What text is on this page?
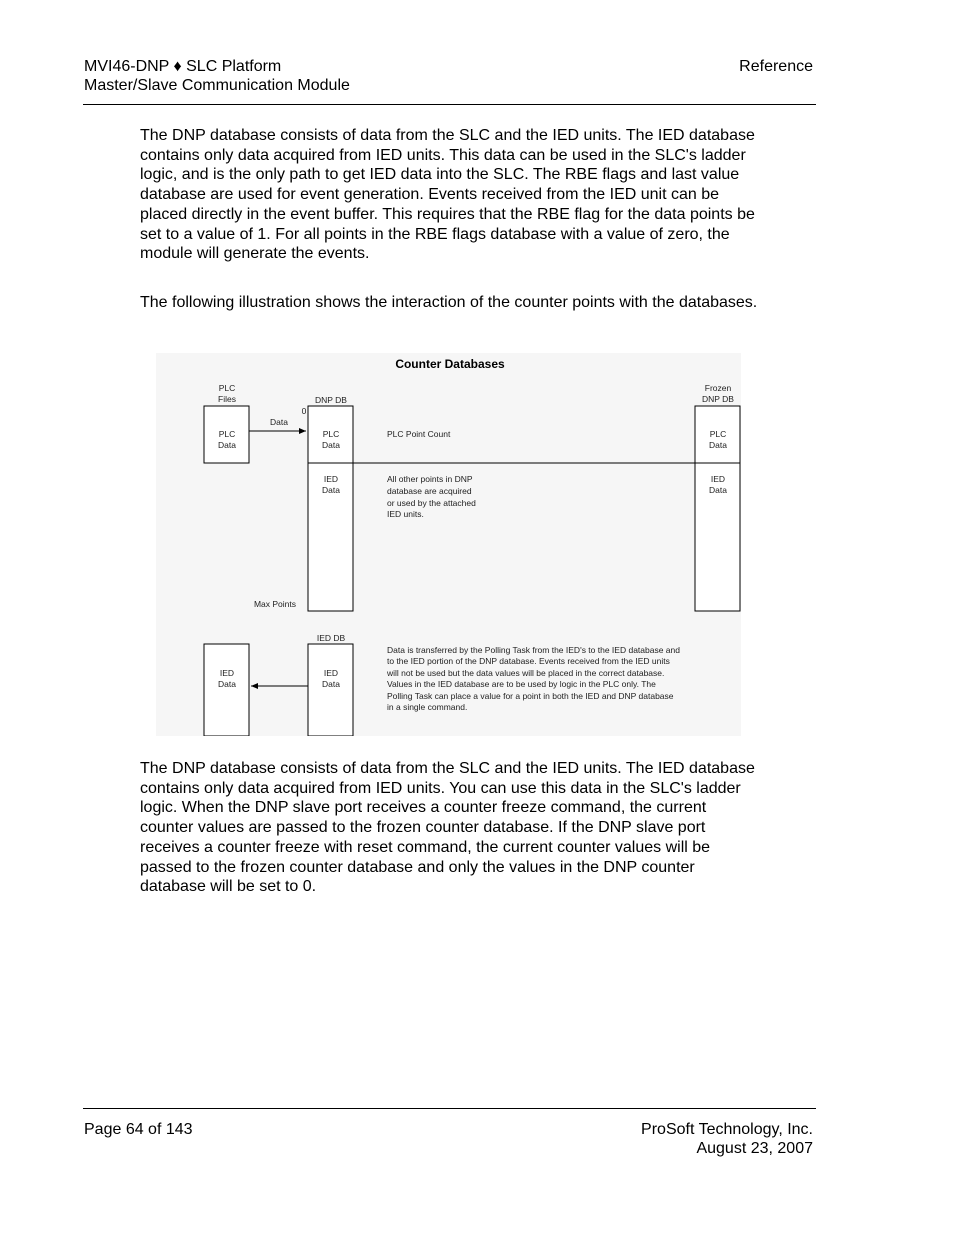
MVI46-DNP ♦ SLC Platform
Master/Slave Communication Module
Reference

The DNP database consists of data from the SLC and the IED units. The IED database contains only data acquired from IED units. This data can be used in the SLC's ladder logic, and is the only path to get IED data into the SLC. The RBE flags and last value database are used for event generation. Events received from the IED unit can be placed directly in the event buffer. This requires that the RBE flag for the data points be set to a value of 1. For all points in the RBE flags database with a value of zero, the module will generate the events.

The following illustration shows the interaction of the counter points with the databases.

Counter Databases
PLC
Files
PLC
Data
Data
DNP DB
0
PLC
Data
IED
Data
Max Points
PLC Point Count
All other points in DNP
database are acquired
or used by the attached
IED units.
Frozen
DNP DB
PLC
Data
IED
Data
IED
Data
IED DB
IED
Data
Data is transferred by the Polling Task from the IED's to the IED database and
to the IED portion of the DNP database. Events received from the IED units
will not be used but the data values will be placed in the correct database.
Values in the IED database are to be used by logic in the PLC only. The
Polling Task can place a value for a point in both the IED and DNP database
in a single command.

The DNP database consists of data from the SLC and the IED units. The IED database contains only data acquired from IED units. You can use this data in the SLC's ladder logic. When the DNP slave port receives a counter freeze command, the current counter values are passed to the frozen counter database. If the DNP slave port receives a counter freeze with reset command, the current counter values will be passed to the frozen counter database and only the values in the DNP counter database will be set to 0.

Page 64 of 143	ProSoft Technology, Inc.
August 23, 2007
